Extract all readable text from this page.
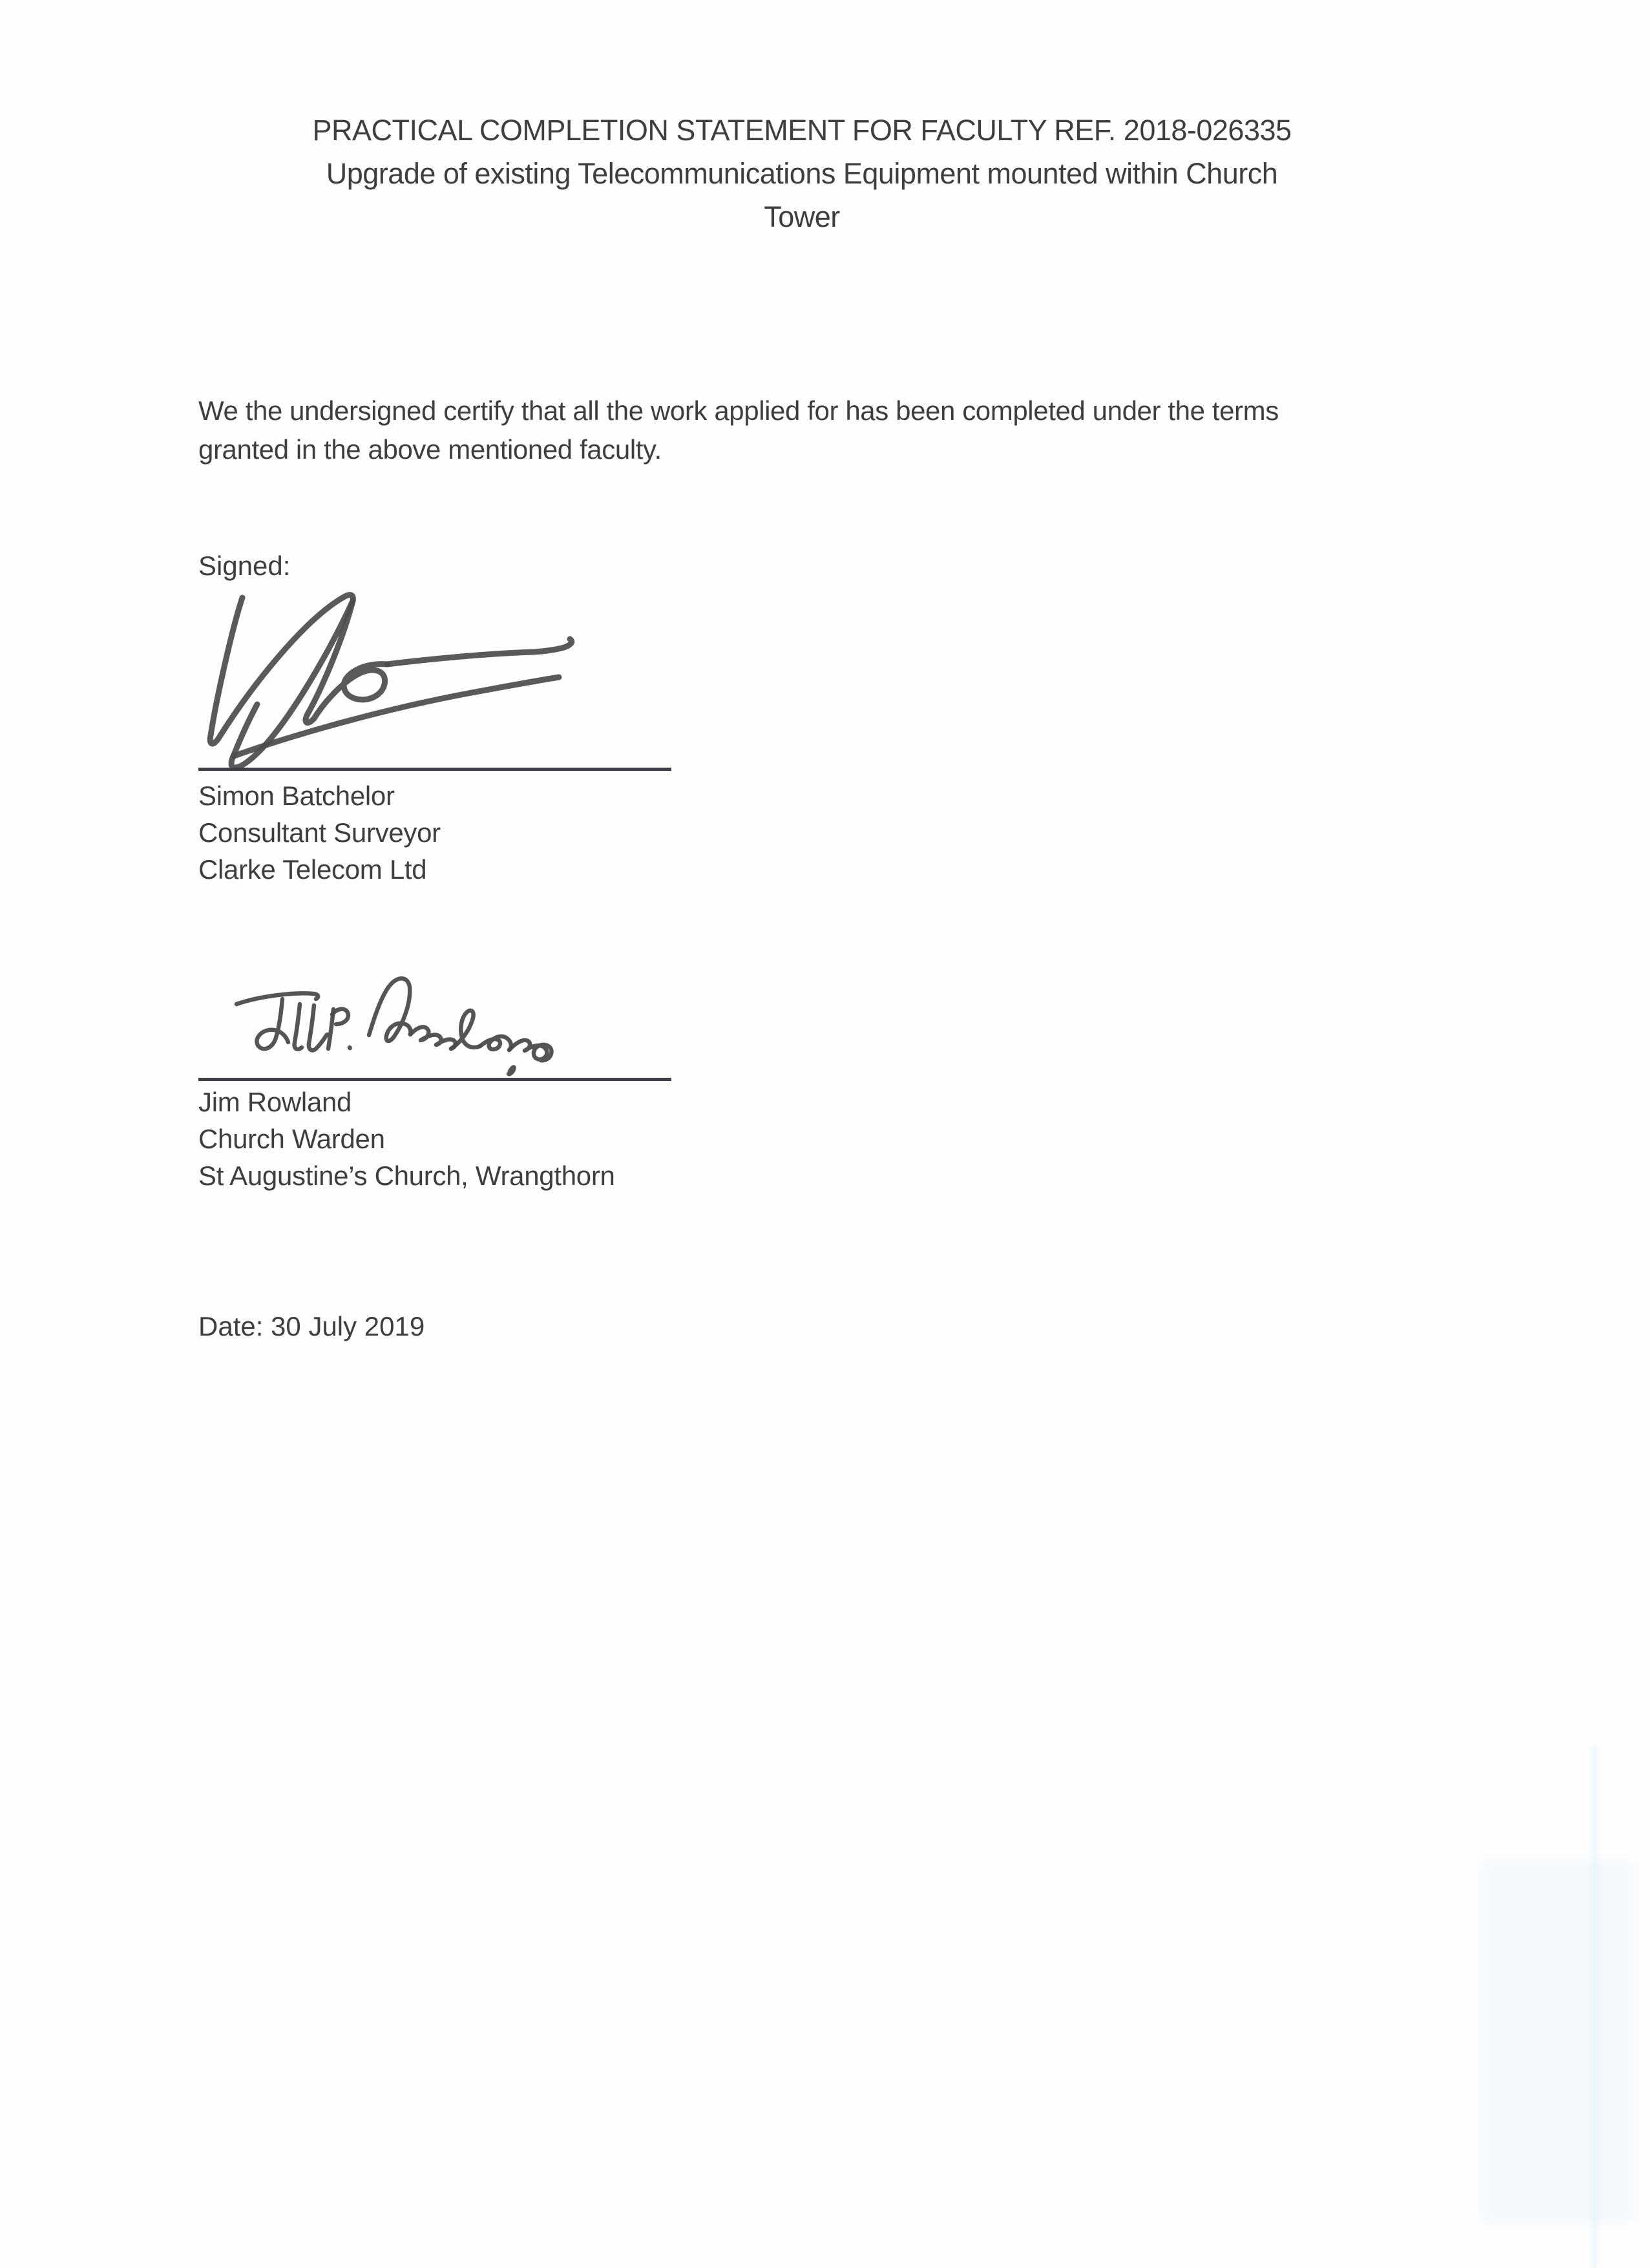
PRACTICAL COMPLETION STATEMENT FOR FACULTY REF. 2018-026335
Upgrade of existing Telecommunications Equipment mounted within Church
Tower
We the undersigned certify that all the work applied for has been completed under the terms
granted in the above mentioned faculty.
Signed:
Simon Batchelor
Consultant Surveyor
Clarke Telecom Ltd
Jim Rowland
Church Warden
St Augustine’s Church, Wrangthorn
Date: 30 July 2019
